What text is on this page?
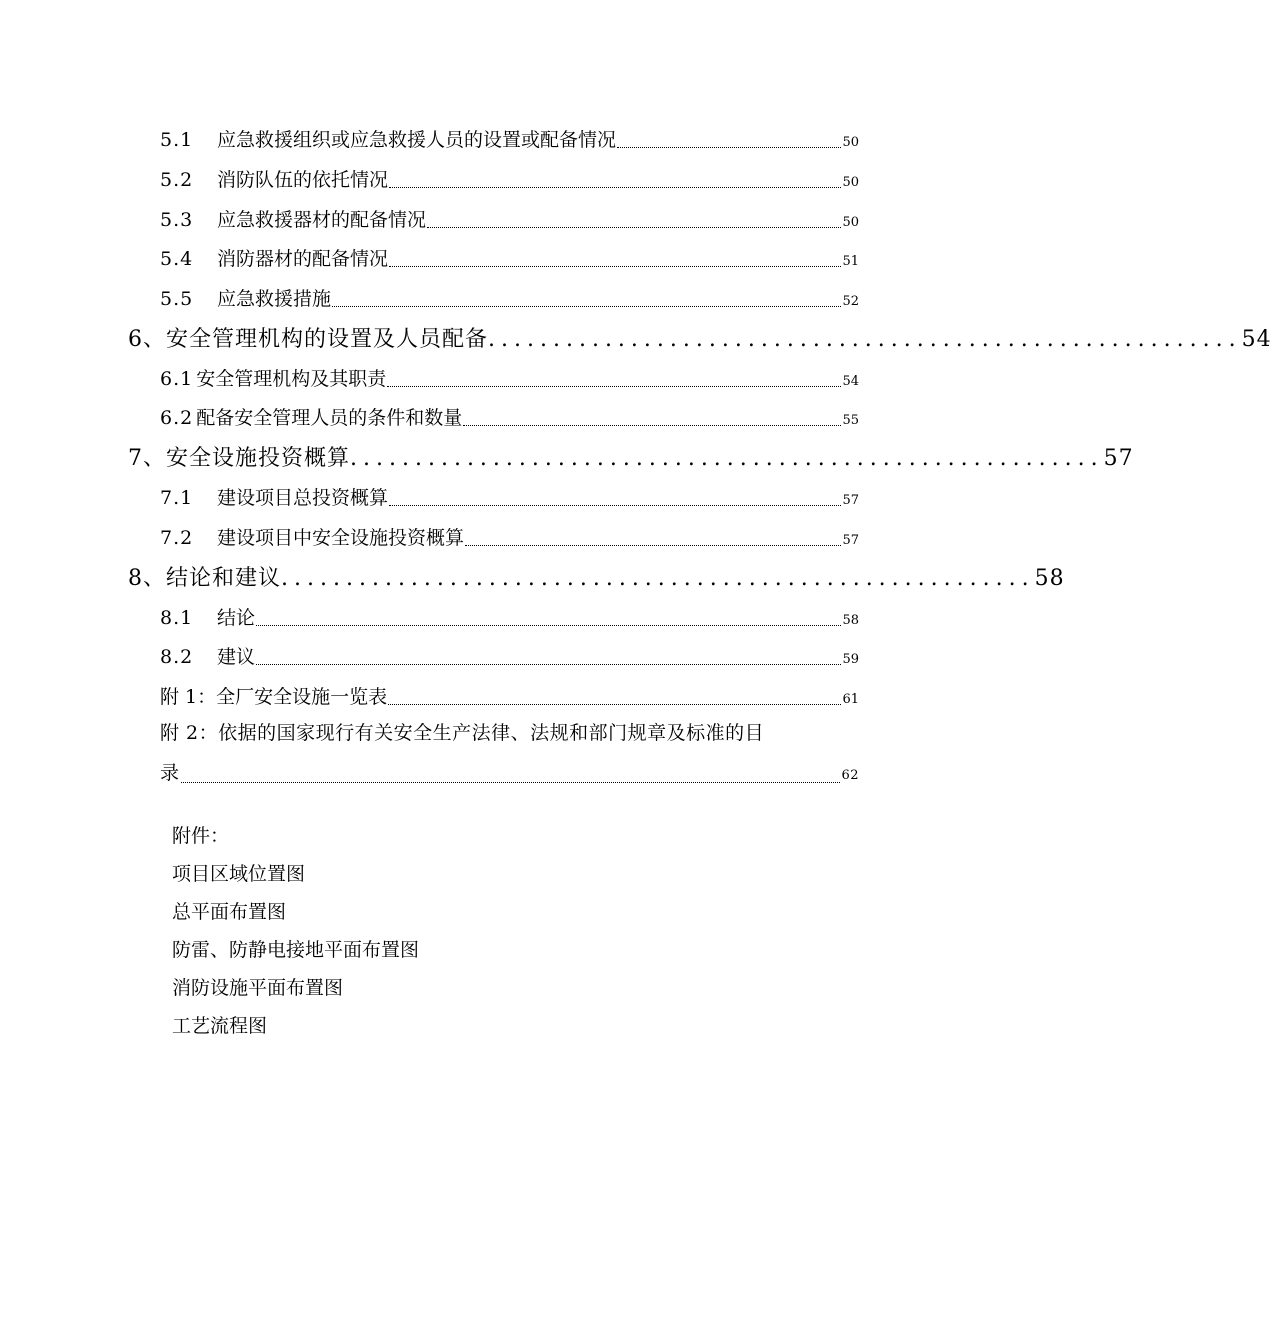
5.1	应急救援组织或应急救援人员的设置或配备情况	50
5.2	消防队伍的依托情况	50
5.3	应急救援器材的配备情况	50
5.4	消防器材的配备情况	51
5.5	应急救援措施	52
6、安全管理机构的设置及人员配备 .......................................................... 54
6.1 安全管理机构及其职责	54
6.2 配备安全管理人员的条件和数量	55
7、安全设施投资概算 .......................................................... 57
7.1	建设项目总投资概算	57
7.2	建设项目中安全设施投资概算	57
8、结论和建议 .......................................................... 58
8.1	结论	58
8.2	建议	59
附 1：全厂安全设施一览表	61
附 2：依据的国家现行有关安全生产法律、法规和部门规章及标准的目
录	62
附件：
项目区域位置图
总平面布置图
防雷、防静电接地平面布置图
消防设施平面布置图
工艺流程图
